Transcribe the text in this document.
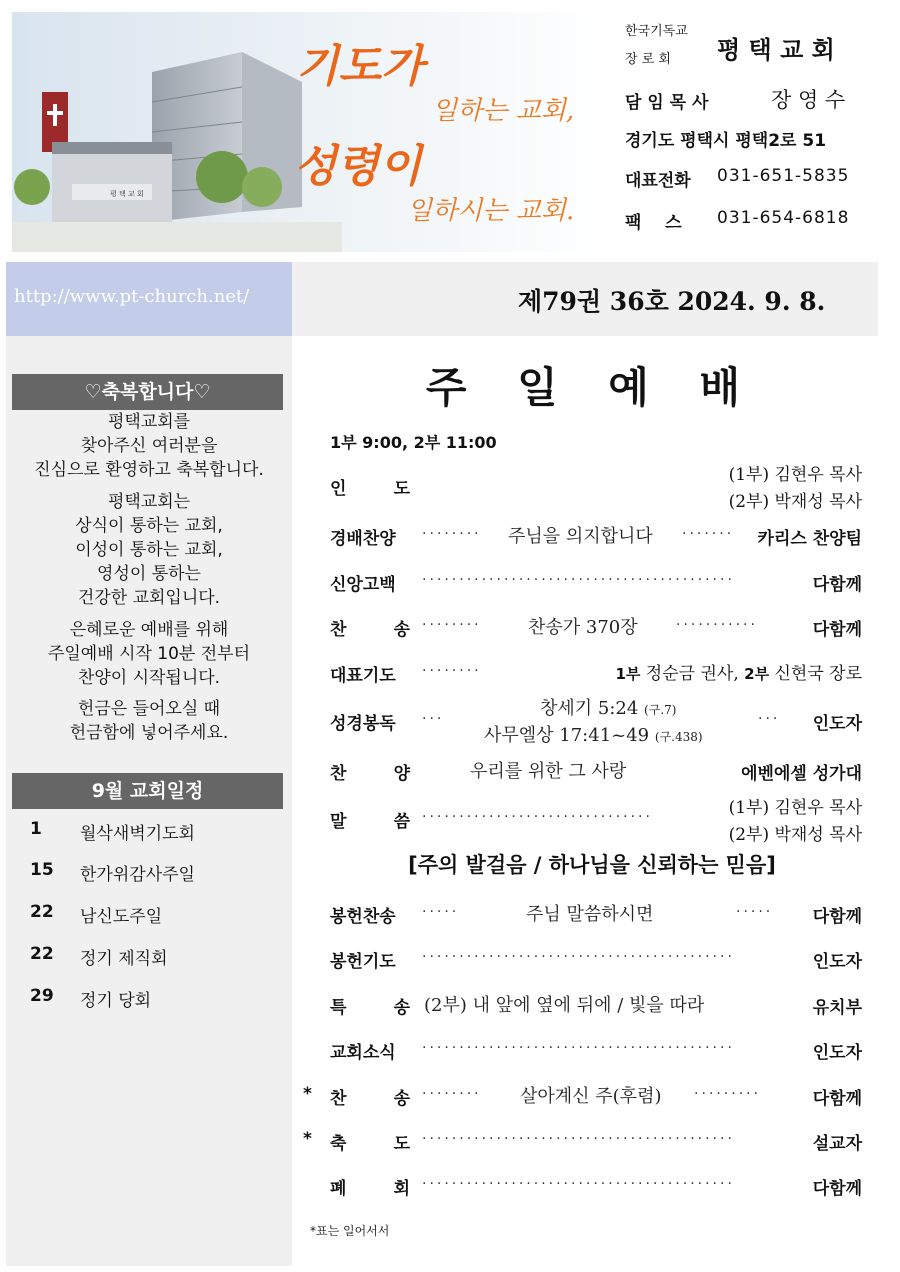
평 택 교 회
기도가
일하는 교회,
성령이
일하시는 교회.
한국기독교
장 로 회 평 택 교 회
담 임 목 사	장 영 수
경기도 평택시 평택2로 51
대표전화 031-651-5835
팩    스 031-654-6818
http://www.pt-church.net/	제79권 36호 2024. 9. 8.
♡축복합니다♡
평택교회를
찾아주신 여러분을
진심으로 환영하고 축복합니다.
평택교회는
상식이 통하는 교회,
이성이 통하는 교회,
영성이 통하는
건강한 교회입니다.
은혜로운 예배를 위해
주일예배 시작 10분 전부터
찬양이 시작됩니다.
헌금은 들어오실 때
헌금함에 넣어주세요.
9월 교회일정
1	월삭새벽기도회
15	한가위감사주일
22	남신도주일
22	정기 제직회
29	정기 당회
주 일 예 배
1부 9:00, 2부 11:00
인	도
(1부) 김현우 목사
(2부) 박재성 목사
경배찬양 ········	주님을 의지합니다 ·······	카리스 찬양팀
신앙고백 ··········································	다함께
찬	송 ········	찬송가 370장	···········	다함께
대표기도 ········	1부 정순금 권사, 2부 신현국 장로
성경봉독 ···	창세기 5:24 (구.7)
사무엘상 17:41~49 (구.438)
···	인도자
찬	양	우리를 위한 그 사랑	에벤에셀 성가대
말	씀 ·······························	(1부) 김현우 목사
(2부) 박재성 목사
[주의 발걸음 / 하나님을 신뢰하는 믿음]
봉헌찬송 ·····	주님 말씀하시면	·····	다함께
봉헌기도 ··········································	인도자
특	송 (2부) 내 앞에 옆에 뒤에 / 빛을 따라	유치부
교회소식 ··········································	인도자
* 찬	송 ········	살아계신 주(후렴) ·········	다함께
* 축	도 ··········································	설교자
폐	회 ··········································	다함께
*표는 일어서서
